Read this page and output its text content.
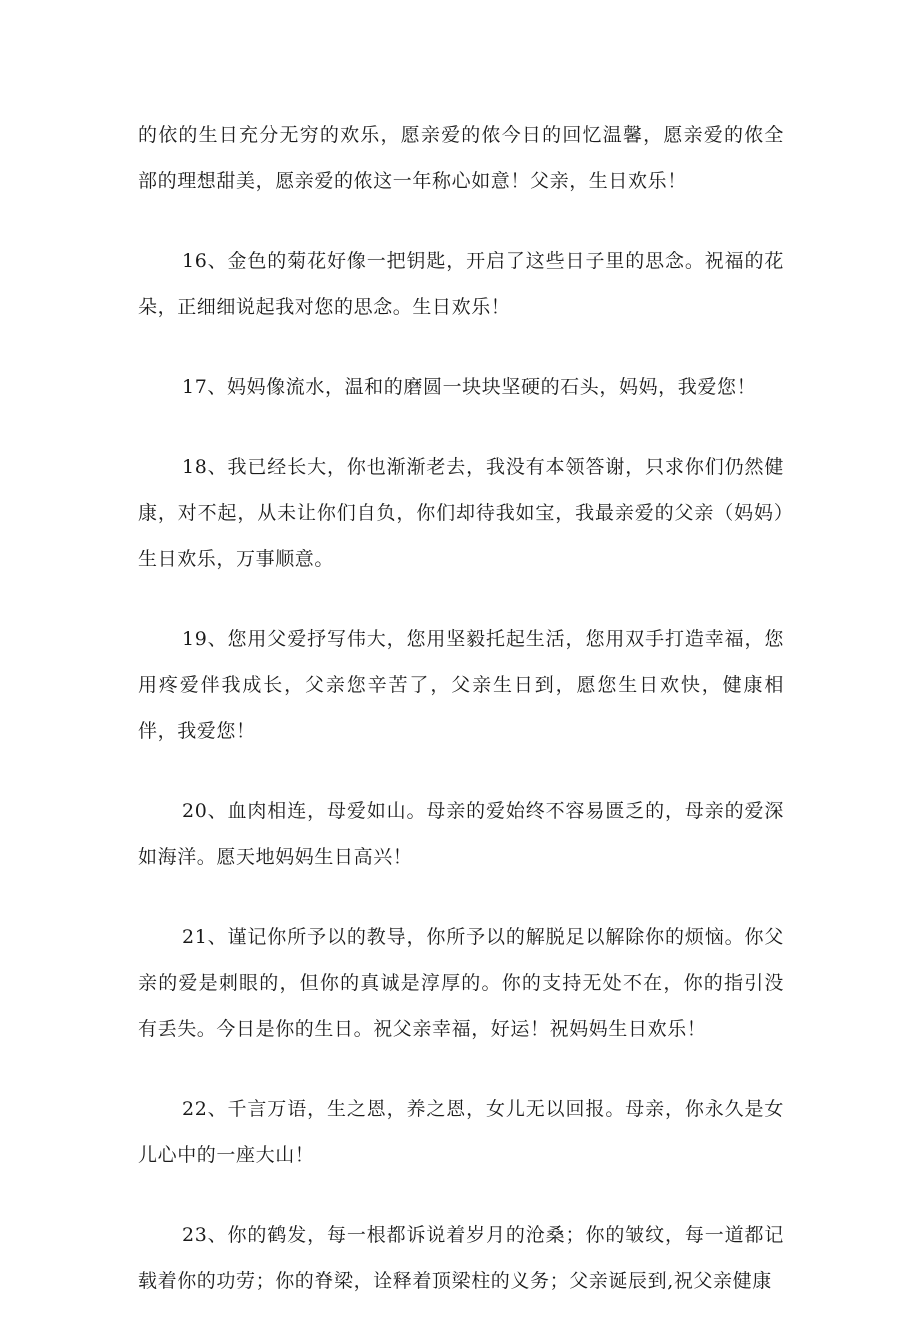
的依的生日充分无穷的欢乐，愿亲爱的侬今日的回忆温馨，愿亲爱的侬全部的理想甜美，愿亲爱的侬这一年称心如意！父亲，生日欢乐！

16、金色的菊花好像一把钥匙，开启了这些日子里的思念。祝福的花朵，正细细说起我对您的思念。生日欢乐！

17、妈妈像流水，温和的磨圆一块块坚硬的石头，妈妈，我爱您！

18、我已经长大，你也渐渐老去，我没有本领答谢，只求你们仍然健康，对不起，从未让你们自负，你们却待我如宝，我最亲爱的父亲（妈妈）生日欢乐，万事顺意。

19、您用父爱抒写伟大，您用坚毅托起生活，您用双手打造幸福，您用疼爱伴我成长，父亲您辛苦了，父亲生日到，愿您生日欢快，健康相伴，我爱您！

20、血肉相连，母爱如山。母亲的爱始终不容易匮乏的，母亲的爱深如海洋。愿天地妈妈生日高兴！

21、谨记你所予以的教导，你所予以的解脱足以解除你的烦恼。你父亲的爱是刺眼的，但你的真诚是淳厚的。你的支持无处不在，你的指引没有丢失。今日是你的生日。祝父亲幸福，好运！祝妈妈生日欢乐！

22、千言万语，生之恩，养之恩，女儿无以回报。母亲，你永久是女儿心中的一座大山！

23、你的鹤发，每一根都诉说着岁月的沧桑；你的皱纹，每一道都记载着你的功劳；你的脊梁，诠释着顶梁柱的义务；父亲诞辰到,祝父亲健康
